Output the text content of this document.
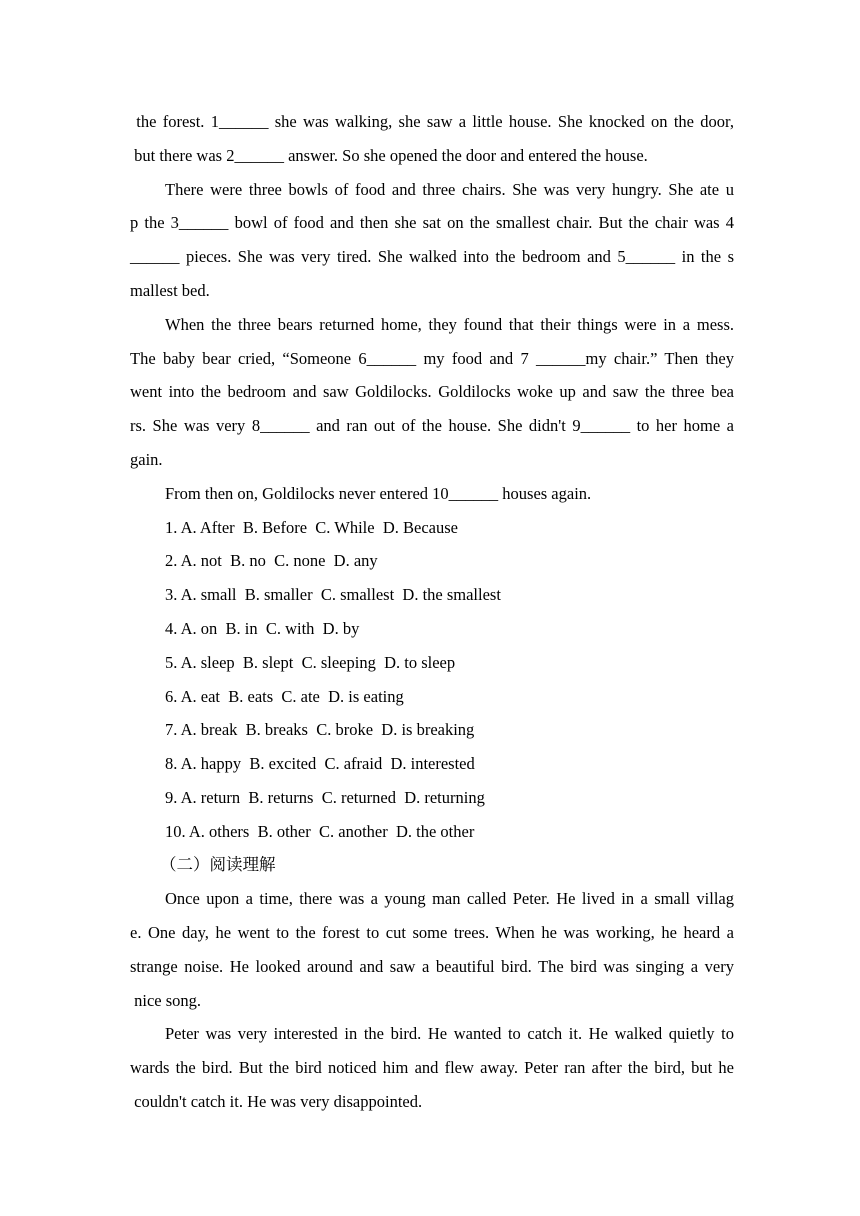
the forest. 1______ she was walking, she saw a little house. She knocked on the door,
but there was 2______ answer. So she opened the door and entered the house.
There were three bowls of food and three chairs. She was very hungry. She ate u
p the 3______ bowl of food and then she sat on the smallest chair. But the chair was 4
______ pieces. She was very tired. She walked into the bedroom and 5______ in the s
mallest bed.
When the three bears returned home, they found that their things were in a mess.
The baby bear cried, “Someone 6______ my food and 7 ______my chair.” Then they
went into the bedroom and saw Goldilocks. Goldilocks woke up and saw the three bea
rs. She was very 8______ and ran out of the house. She didn't 9______ to her home a
gain.
From then on, Goldilocks never entered 10______ houses again.
1. A. After  B. Before  C. While  D. Because
2. A. not  B. no  C. none  D. any
3. A. small  B. smaller  C. smallest  D. the smallest
4. A. on  B. in  C. with  D. by
5. A. sleep  B. slept  C. sleeping  D. to sleep
6. A. eat  B. eats  C. ate  D. is eating
7. A. break  B. breaks  C. broke  D. is breaking
8. A. happy  B. excited  C. afraid  D. interested
9. A. return  B. returns  C. returned  D. returning
10. A. others  B. other  C. another  D. the other
（二）阅读理解
Once upon a time, there was a young man called Peter. He lived in a small villag
e. One day, he went to the forest to cut some trees. When he was working, he heard a
strange noise. He looked around and saw a beautiful bird. The bird was singing a very
nice song.
Peter was very interested in the bird. He wanted to catch it. He walked quietly to
wards the bird. But the bird noticed him and flew away. Peter ran after the bird, but he
couldn't catch it. He was very disappointed.
